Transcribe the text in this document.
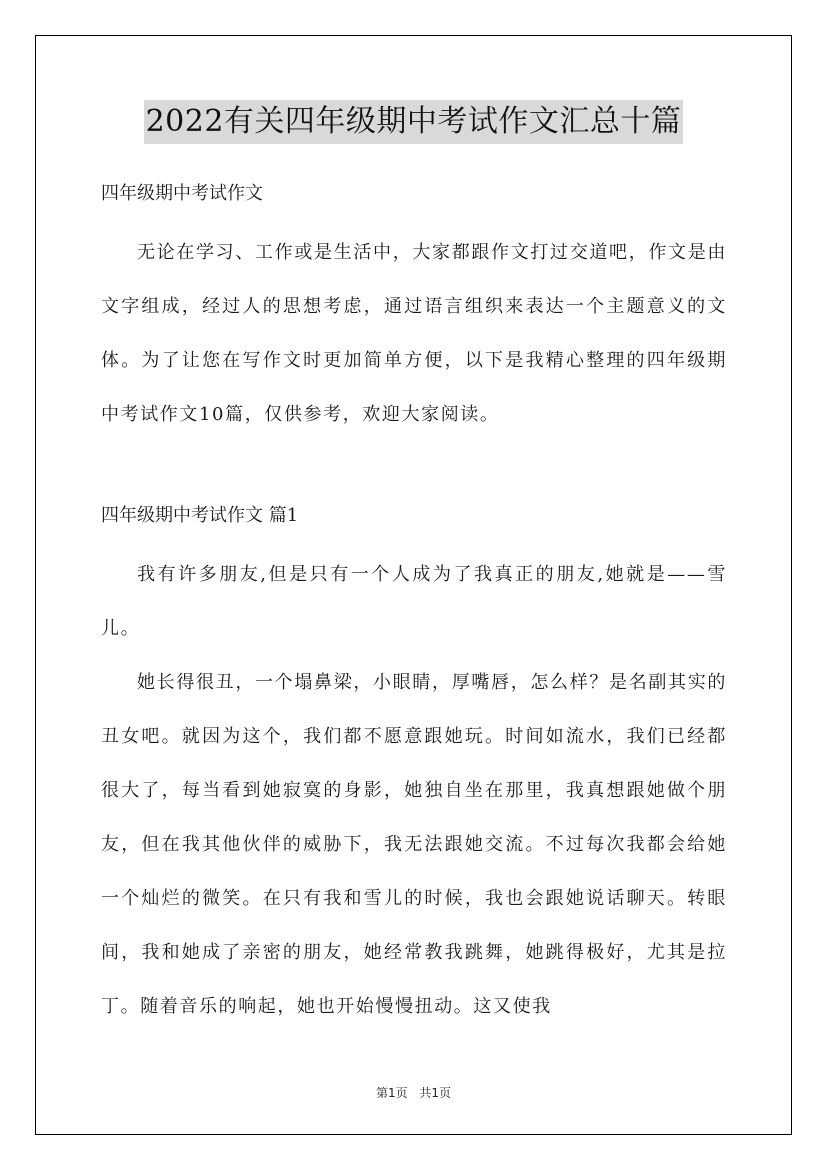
2022有关四年级期中考试作文汇总十篇

四年级期中考试作文

无论在学习、工作或是生活中，大家都跟作文打过交道吧，作文是由文字组成，经过人的思想考虑，通过语言组织来表达一个主题意义的文体。为了让您在写作文时更加简单方便，以下是我精心整理的四年级期中考试作文10篇，仅供参考，欢迎大家阅读。

四年级期中考试作文 篇1

我有许多朋友,但是只有一个人成为了我真正的朋友,她就是——雪儿。

她长得很丑，一个塌鼻梁，小眼睛，厚嘴唇，怎么样？是名副其实的丑女吧。就因为这个，我们都不愿意跟她玩。时间如流水，我们已经都很大了，每当看到她寂寞的身影，她独自坐在那里，我真想跟她做个朋友，但在我其他伙伴的威胁下，我无法跟她交流。不过每次我都会给她一个灿烂的微笑。在只有我和雪儿的时候，我也会跟她说话聊天。转眼间，我和她成了亲密的朋友，她经常教我跳舞，她跳得极好，尤其是拉丁。随着音乐的响起，她也开始慢慢扭动。这又使我

第1页 共1页
